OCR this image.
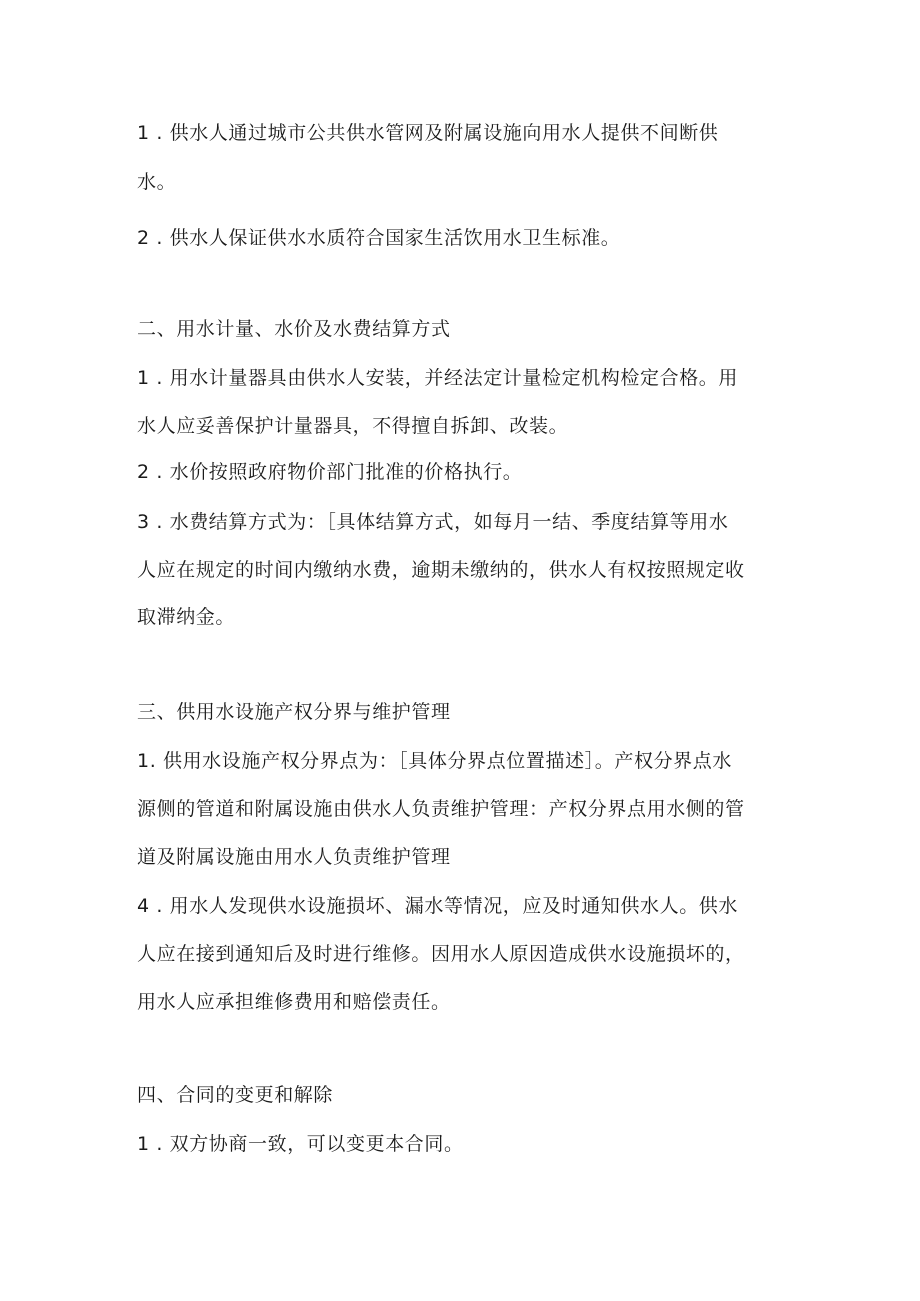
1 . 供水人通过城市公共供水管网及附属设施向用水人提供不间断供
水。
2 . 供水人保证供水水质符合国家生活饮用水卫生标准。
二、用水计量、水价及水费结算方式
1 . 用水计量器具由供水人安装，并经法定计量检定机构检定合格。用
水人应妥善保护计量器具，不得擅自拆卸、改装。
2 . 水价按照政府物价部门批准的价格执行。
3 . 水费结算方式为：［具体结算方式，如每月一结、季度结算等用水
人应在规定的时间内缴纳水费，逾期未缴纳的，供水人有权按照规定收
取滞纳金。
三、供用水设施产权分界与维护管理
1. 供用水设施产权分界点为：［具体分界点位置描述］。产权分界点水
源侧的管道和附属设施由供水人负责维护管理：产权分界点用水侧的管
道及附属设施由用水人负责维护管理
4 . 用水人发现供水设施损坏、漏水等情况，应及时通知供水人。供水
人应在接到通知后及时进行维修。因用水人原因造成供水设施损坏的，
用水人应承担维修费用和赔偿责任。
四、合同的变更和解除
1 . 双方协商一致，可以变更本合同。
